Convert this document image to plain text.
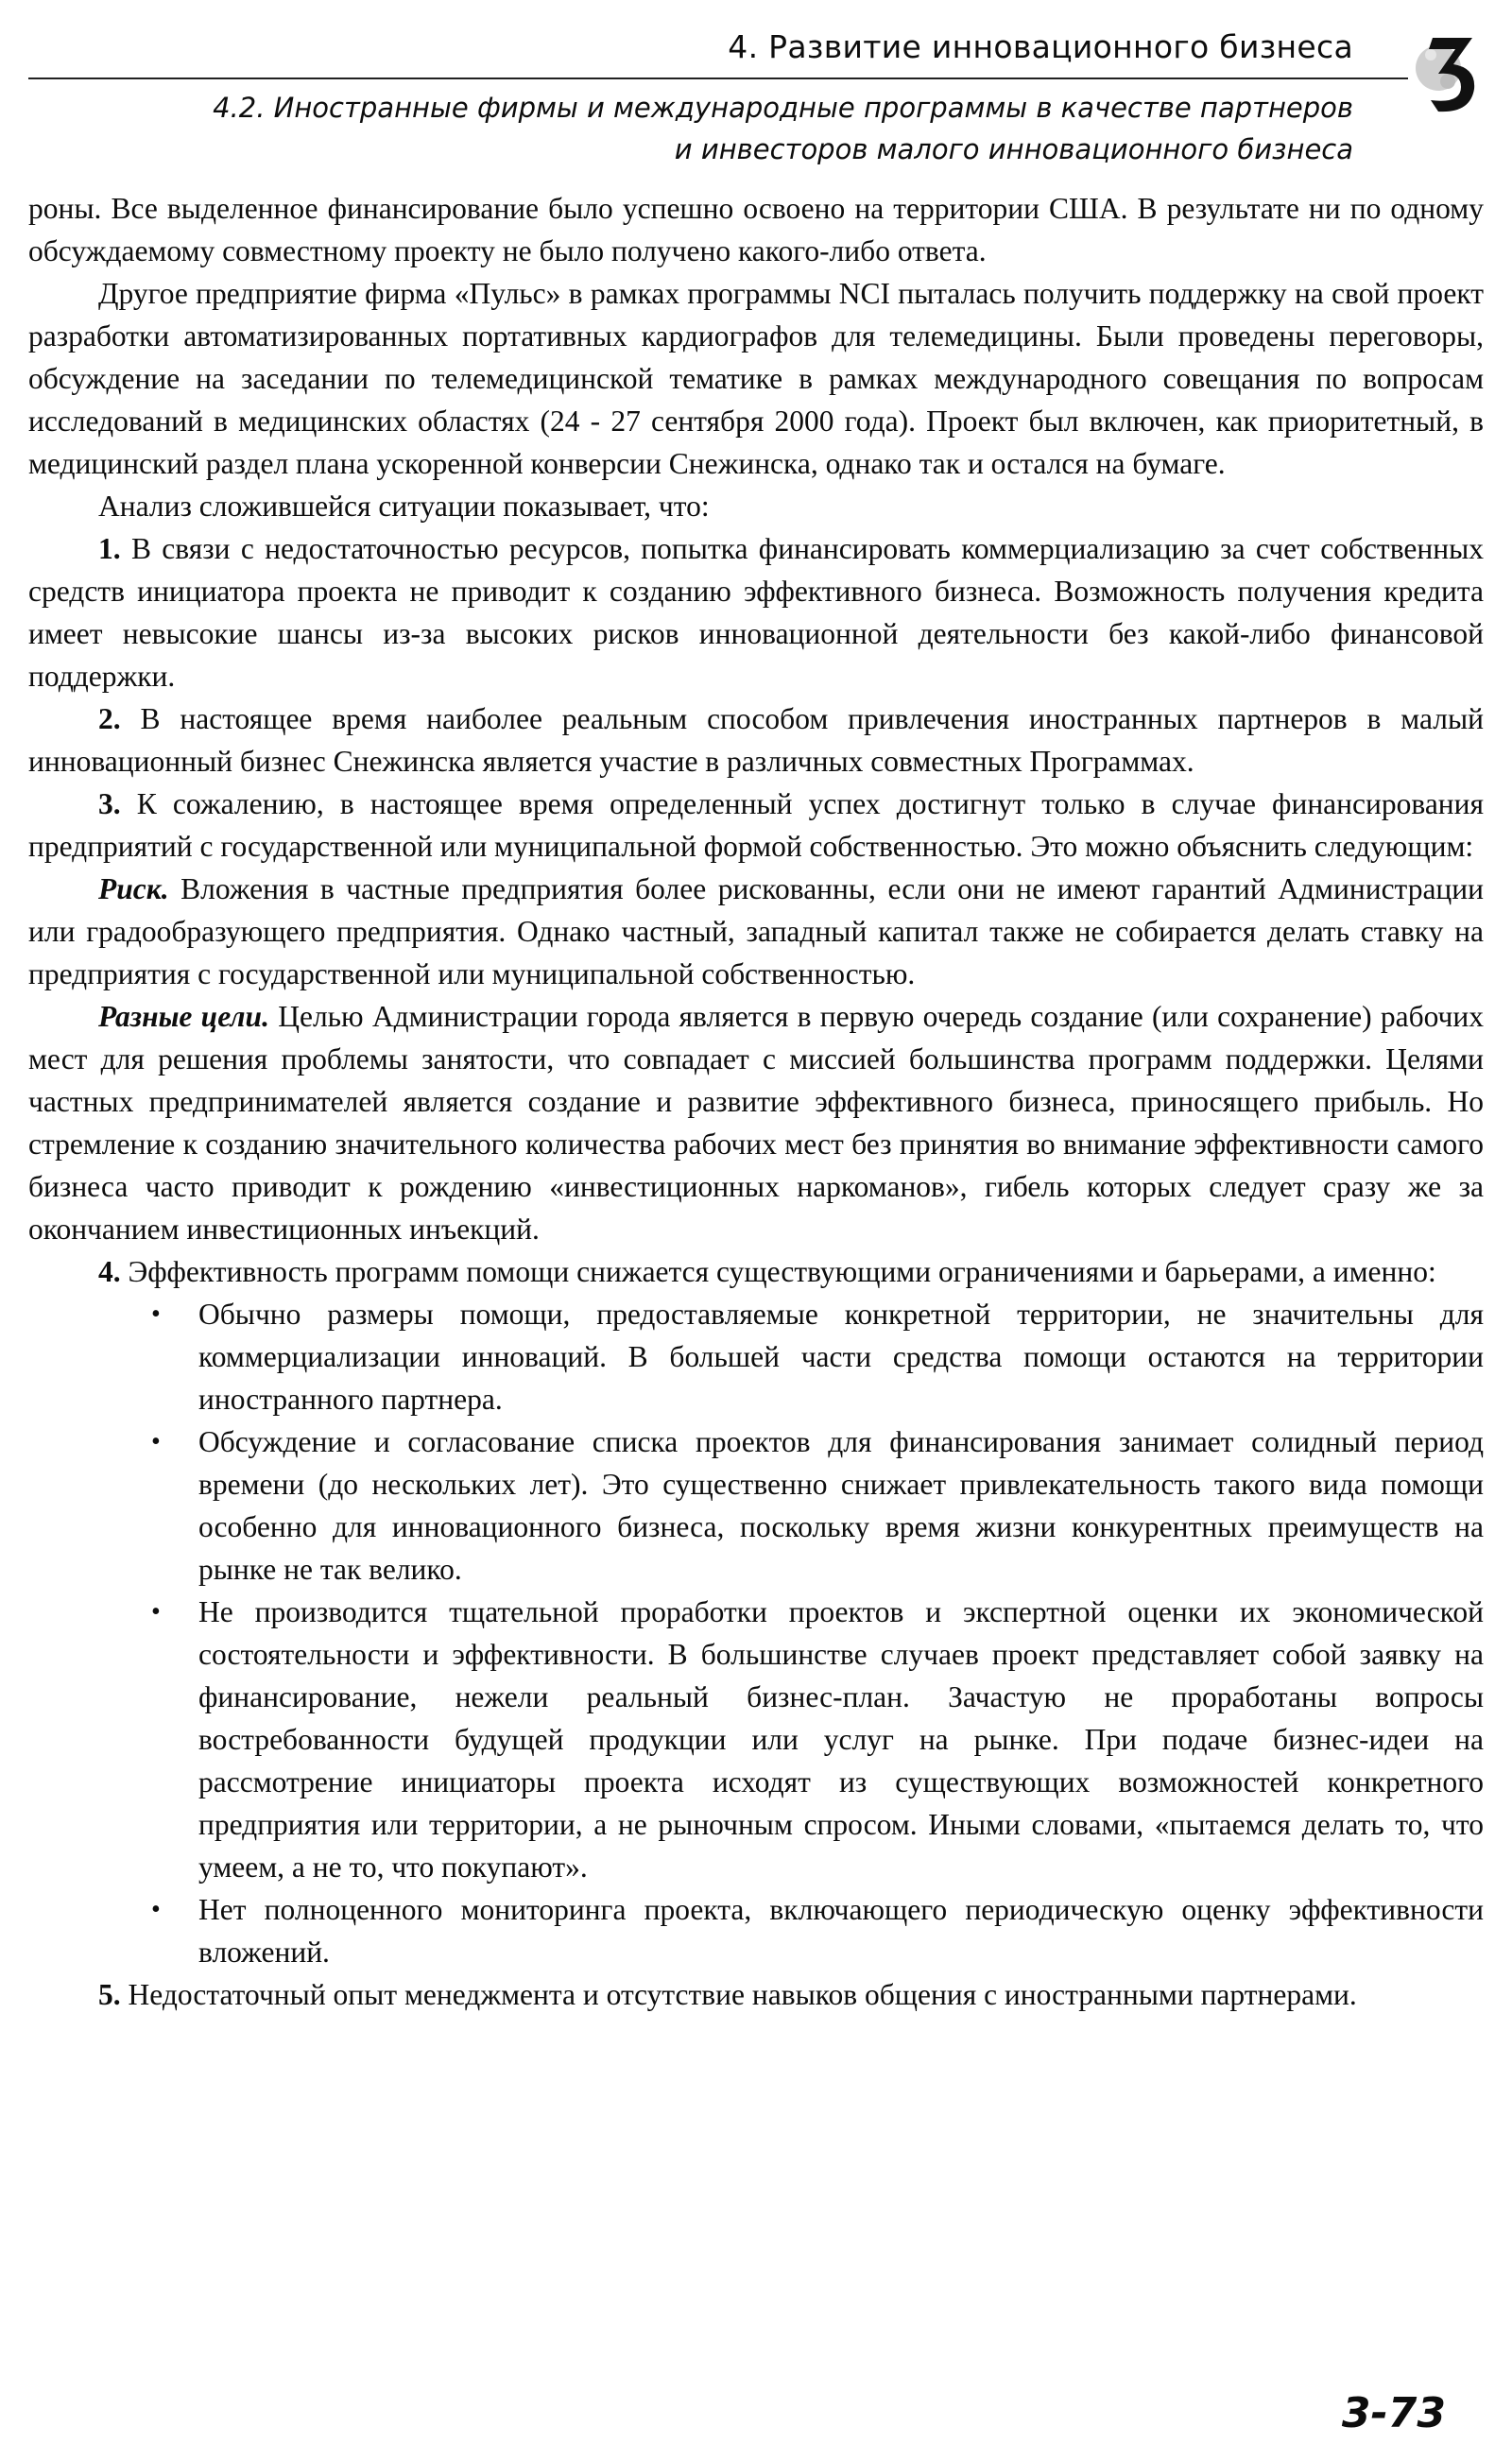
4. Развитие инновационного бизнеса
4.2. Иностранные фирмы и международные программы в качестве партнеров
и инвесторов малого инновационного бизнеса

роны. Все выделенное финансирование было успешно освоено на территории США. В результате ни по одному обсуждаемому совместному проекту не было получено какого-либо ответа.

Другое предприятие фирма «Пульс» в рамках программы NCI пыталась получить поддержку на свой проект разработки автоматизированных портативных кардиографов для телемедицины. Были проведены переговоры, обсуждение на заседании по телемедицинской тематике в рамках международного совещания по вопросам исследований в медицинских областях (24 - 27 сентября 2000 года). Проект был включен, как приоритетный, в медицинский раздел плана ускоренной конверсии Снежинска, однако так и остался на бумаге.

Анализ сложившейся ситуации показывает, что:

1. В связи с недостаточностью ресурсов, попытка финансировать коммерциализацию за счет собственных средств инициатора проекта не приводит к созданию эффективного бизнеса. Возможность получения кредита имеет невысокие шансы из-за высоких рисков инновационной деятельности без какой-либо финансовой поддержки.

2. В настоящее время наиболее реальным способом привлечения иностранных партнеров в малый инновационный бизнес Снежинска является участие в различных совместных Программах.

3. К сожалению, в настоящее время определенный успех достигнут только в случае финансирования предприятий с государственной или муниципальной формой собственностью. Это можно объяснить следующим:

Риск. Вложения в частные предприятия более рискованны, если они не имеют гарантий Администрации или градообразующего предприятия. Однако частный, западный капитал также не собирается делать ставку на предприятия с государственной или муниципальной собственностью.

Разные цели. Целью Администрации города является в первую очередь создание (или сохранение) рабочих мест для решения проблемы занятости, что совпадает с миссией большинства программ поддержки. Целями частных предпринимателей является создание и развитие эффективного бизнеса, приносящего прибыль. Но стремление к созданию значительного количества рабочих мест без принятия во внимание эффективности самого бизнеса часто приводит к рождению «инвестиционных наркоманов», гибель которых следует сразу же за окончанием инвестиционных инъекций.

4. Эффективность программ помощи снижается существующими ограничениями и барьерами, а именно:

• Обычно размеры помощи, предоставляемые конкретной территории, не значительны для коммерциализации инноваций. В большей части средства помощи остаются на территории иностранного партнера.
• Обсуждение и согласование списка проектов для финансирования занимает солидный период времени (до нескольких лет). Это существенно снижает привлекательность такого вида помощи особенно для инновационного бизнеса, поскольку время жизни конкурентных преимуществ на рынке не так велико.
• Не производится тщательной проработки проектов и экспертной оценки их экономической состоятельности и эффективности. В большинстве случаев проект представляет собой заявку на финансирование, нежели реальный бизнес-план. Зачастую не проработаны вопросы востребованности будущей продукции или услуг на рынке. При подаче бизнес-идеи на рассмотрение инициаторы проекта исходят из существующих возможностей конкретного предприятия или территории, а не рыночным спросом. Иными словами, «пытаемся делать то, что умеем, а не то, что покупают».
• Нет полноценного мониторинга проекта, включающего периодическую оценку эффективности вложений.

5. Недостаточный опыт менеджмента и отсутствие навыков общения с иностранными партнерами.

3-73
